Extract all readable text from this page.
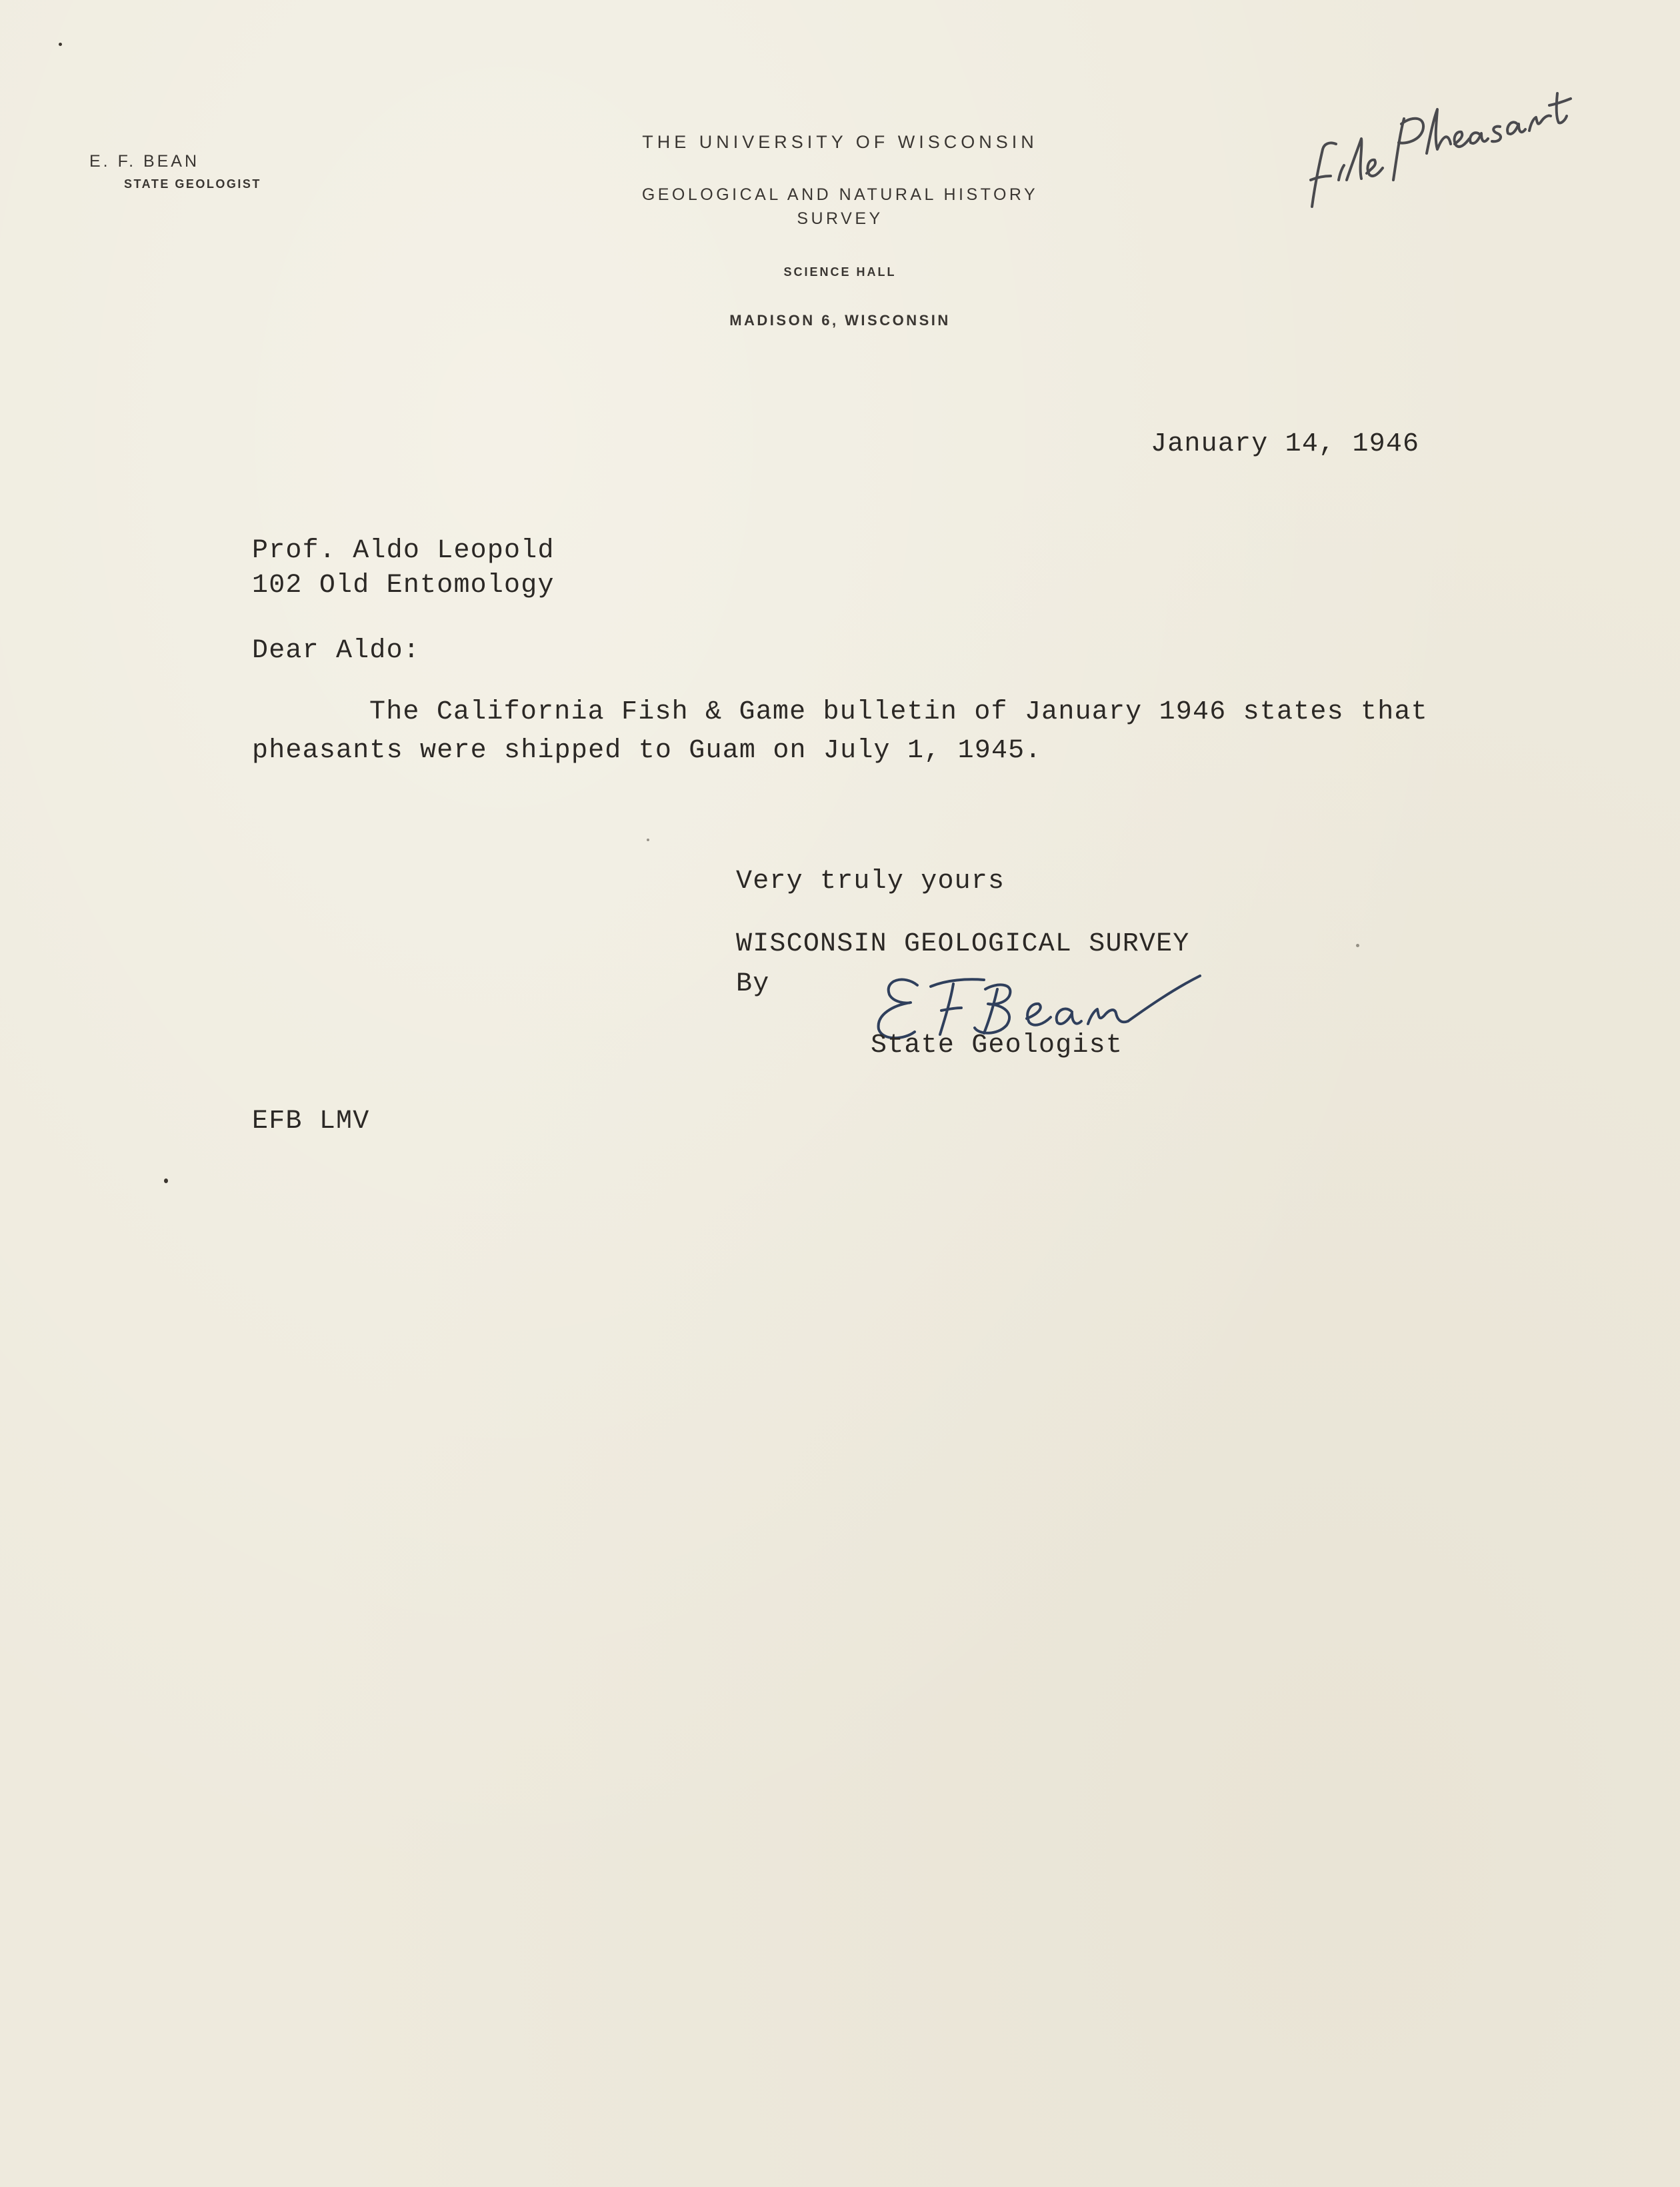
E. F. BEAN
STATE GEOLOGIST
THE UNIVERSITY OF WISCONSIN
GEOLOGICAL AND NATURAL HISTORY
SURVEY
SCIENCE HALL
MADISON 6, WISCONSIN
January 14, 1946
Prof. Aldo Leopold
102 Old Entomology
Dear Aldo:
The California Fish & Game bulletin of January 1946 states that
pheasants were shipped to Guam on July 1, 1945.
Very truly yours
WISCONSIN GEOLOGICAL SURVEY
By
State Geologist
EFB LMV
